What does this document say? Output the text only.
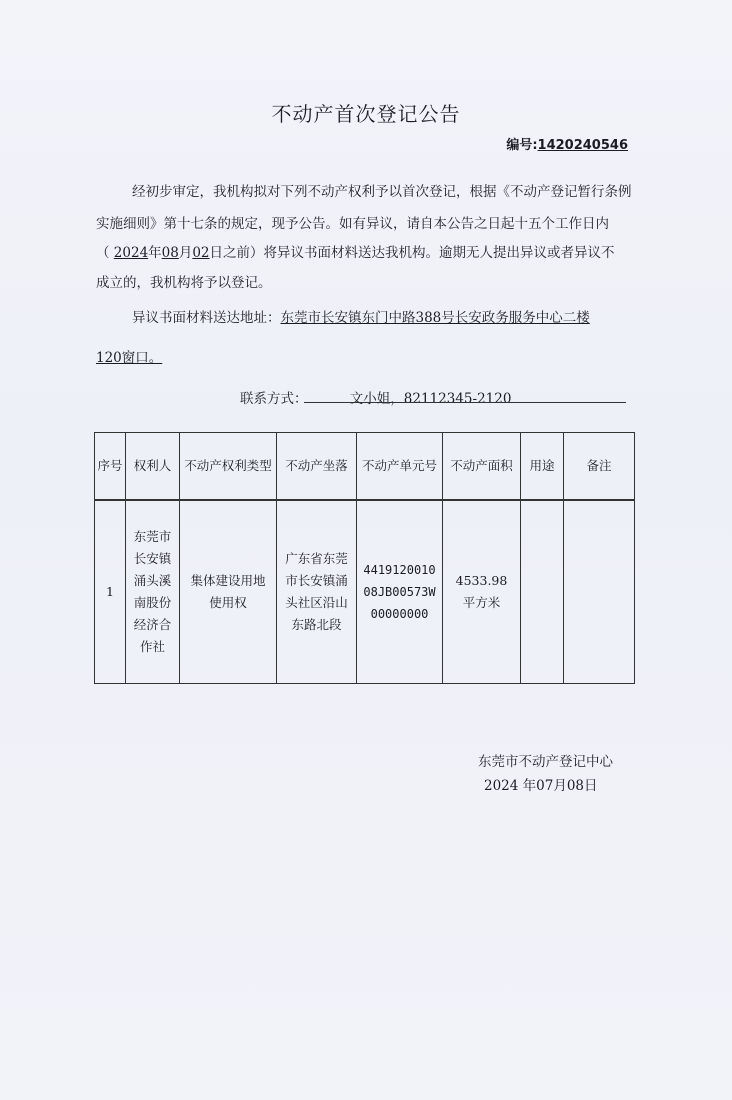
不动产首次登记公告
编号:1420240546
经初步审定，我机构拟对下列不动产权利予以首次登记，根据《不动产登记暂行条例
实施细则》第十七条的规定，现予公告。如有异议，请自本公告之日起十五个工作日内
（ 2024年08月02日之前）将异议书面材料送达我机构。逾期无人提出异议或者异议不
成立的，我机构将予以登记。
异议书面材料送达地址：东莞市长安镇东门中路388号长安政务服务中心二楼
120窗口。
联系方式：	文小姐，82112345-2120
序号	权利人	不动产权利类型	不动产坐落	不动产单元号	不动产面积	用途	备注
1	东莞市长安镇涌头溪南股份经济合作社	集体建设用地使用权	广东省东莞市长安镇涌头社区沿山东路北段	441912001008JB00573W00000000	4533.98平方米		
东莞市不动产登记中心
2024 年07月08日
